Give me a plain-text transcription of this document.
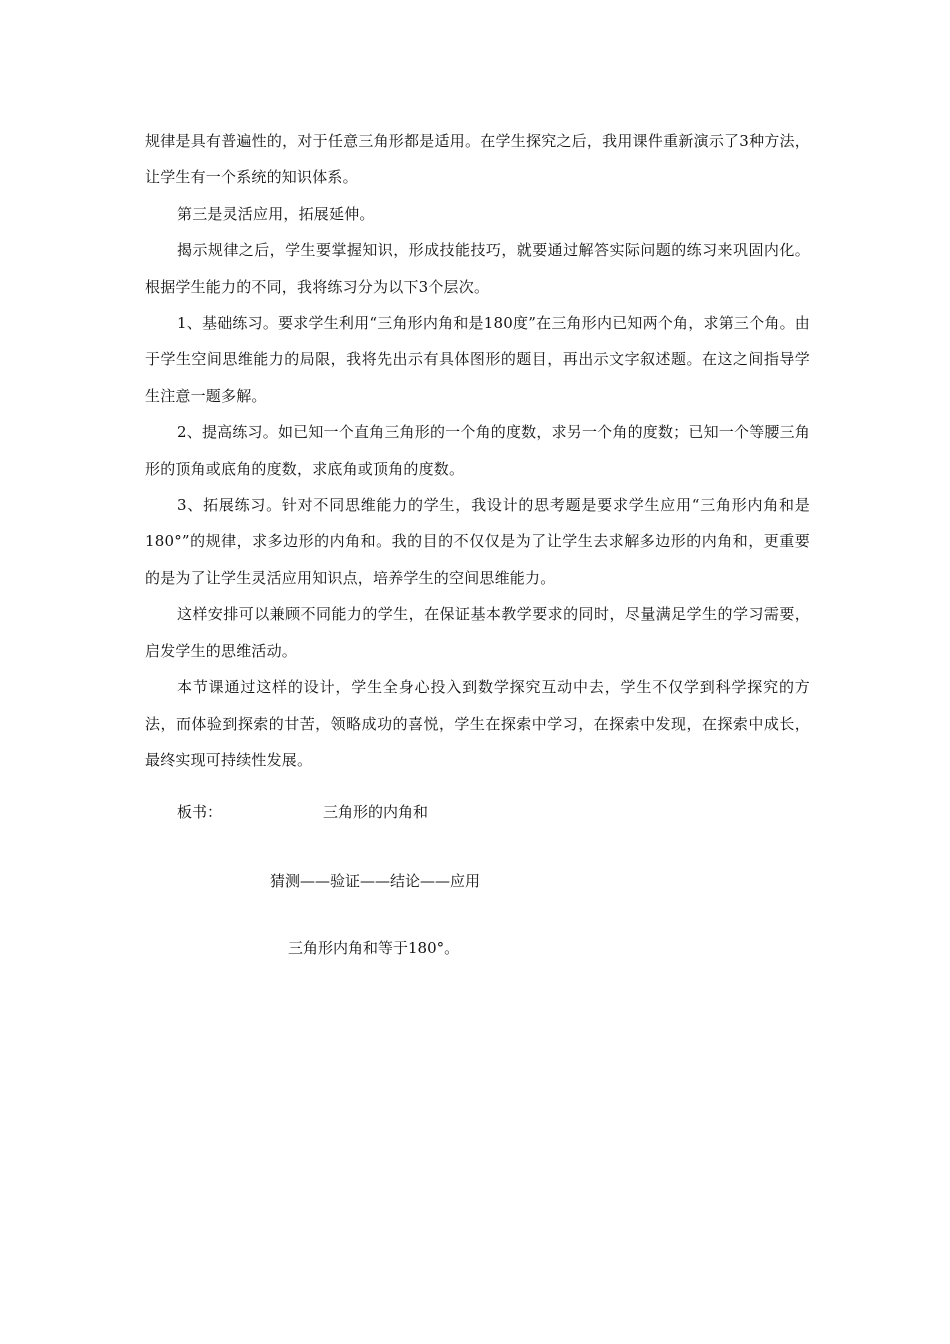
规律是具有普遍性的，对于任意三角形都是适用。在学生探究之后，我用课件重新演示了3种方法，让学生有一个系统的知识体系。

第三是灵活应用，拓展延伸。

揭示规律之后，学生要掌握知识，形成技能技巧，就要通过解答实际问题的练习来巩固内化。根据学生能力的不同，我将练习分为以下3个层次。

1、基础练习。要求学生利用“三角形内角和是180度”在三角形内已知两个角，求第三个角。由于学生空间思维能力的局限，我将先出示有具体图形的题目，再出示文字叙述题。在这之间指导学生注意一题多解。

2、提高练习。如已知一个直角三角形的一个角的度数，求另一个角的度数；已知一个等腰三角形的顶角或底角的度数，求底角或顶角的度数。

3、拓展练习。针对不同思维能力的学生，我设计的思考题是要求学生应用“三角形内角和是180°”的规律，求多边形的内角和。我的目的不仅仅是为了让学生去求解多边形的内角和，更重要的是为了让学生灵活应用知识点，培养学生的空间思维能力。

这样安排可以兼顾不同能力的学生，在保证基本教学要求的同时，尽量满足学生的学习需要，启发学生的思维活动。

本节课通过这样的设计，学生全身心投入到数学探究互动中去，学生不仅学到科学探究的方法，而体验到探索的甘苦，领略成功的喜悦，学生在探索中学习，在探索中发现，在探索中成长，最终实现可持续性发展。

板书：	三角形的内角和
猜测——验证——结论——应用
三角形内角和等于180°。
